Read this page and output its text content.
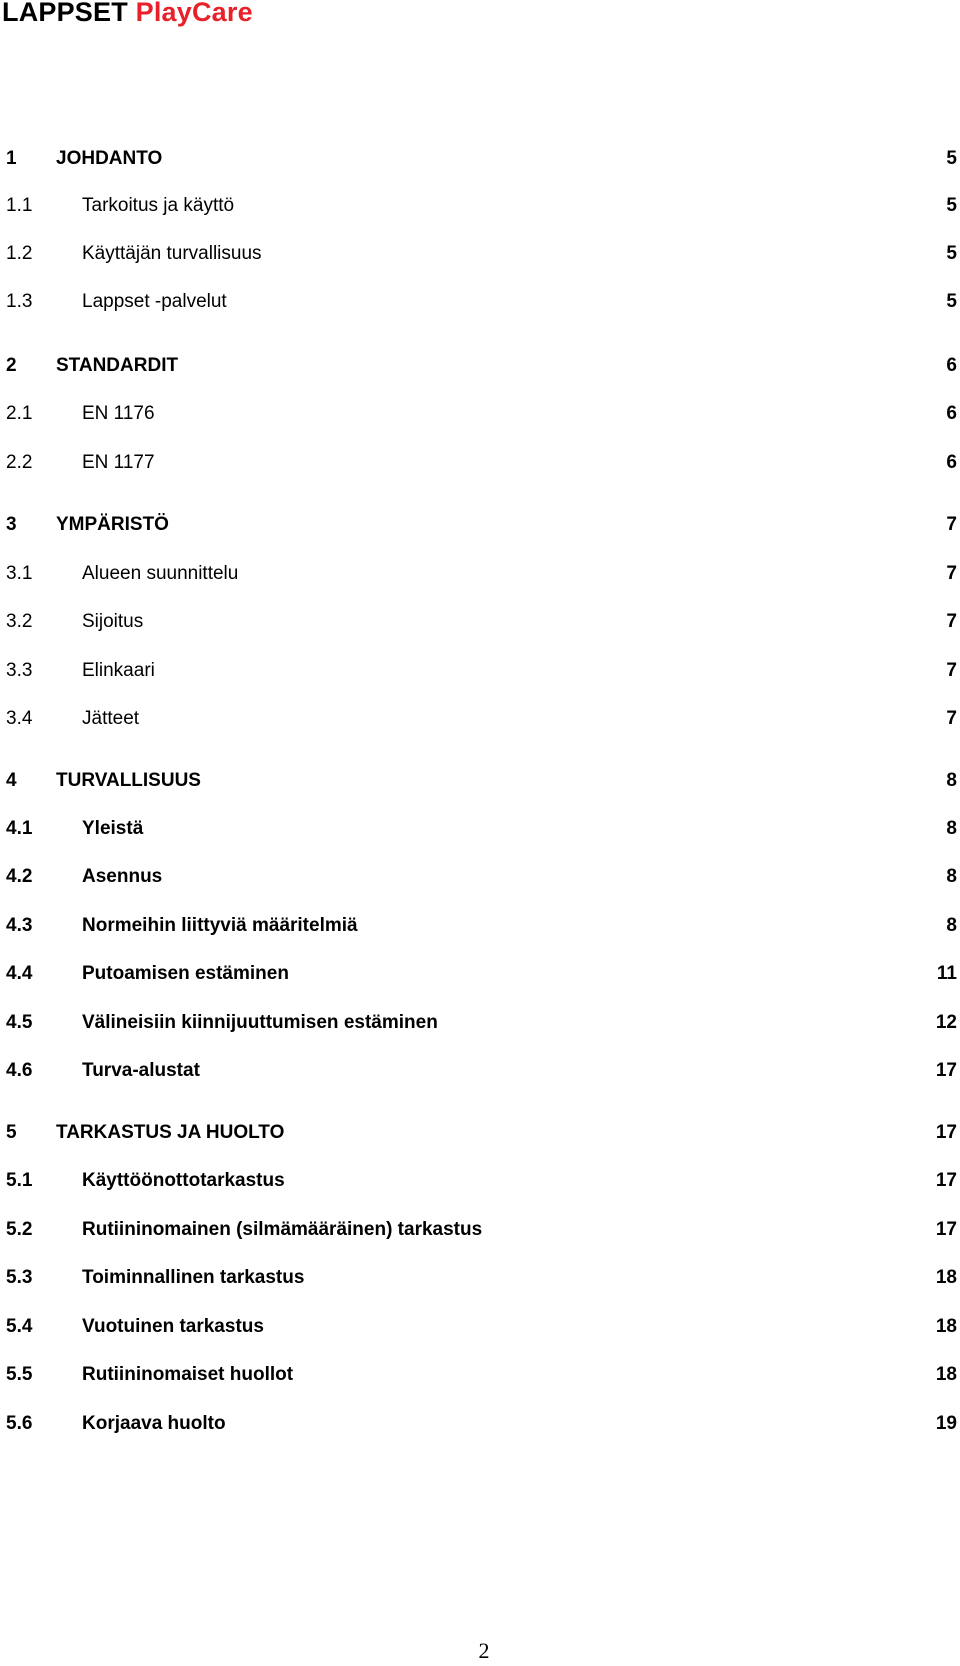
LAPPSET PlayCare
1 JOHDANTO	5
1.1	Tarkoitus ja käyttö	5
1.2	Käyttäjän turvallisuus	5
1.3	Lappset -palvelut	5
2 STANDARDIT	6
2.1	EN 1176	6
2.2	EN 1177	6
3 YMPÄRISTÖ	7
3.1	Alueen suunnittelu	7
3.2	Sijoitus	7
3.3	Elinkaari	7
3.4	Jätteet	7
4 TURVALLISUUS	8
4.1	Yleistä	8
4.2	Asennus	8
4.3	Normeihin liittyviä määritelmiä	8
4.4	Putoamisen estäminen	11
4.5	Välineisiin kiinnijuuttumisen estäminen	12
4.6	Turva-alustat	17
5 TARKASTUS JA HUOLTO	17
5.1	Käyttöönottotarkastus	17
5.2	Rutiininomainen (silmämääräinen) tarkastus	17
5.3	Toiminnallinen tarkastus	18
5.4	Vuotuinen tarkastus	18
5.5	Rutiininomaiset huollot	18
5.6	Korjaava huolto	19
2
